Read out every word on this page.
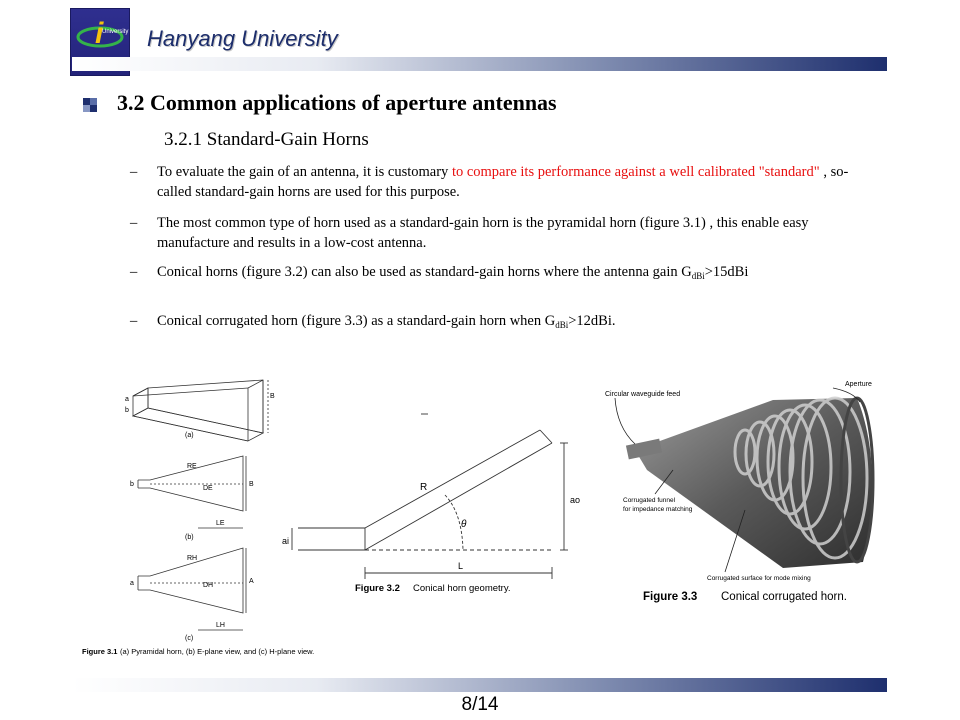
i
University Hanyang University
3.2 Common applications of aperture antennas
3.2.1 Standard-Gain Horns
– To evaluate the gain of an antenna, it is customary to compare its performance against a well calibrated "standard" , so-called standard-gain horns are used for this purpose.
– The most common type of horn used as a standard-gain horn is the pyramidal horn (figure 3.1) , this enable easy manufacture and results in a low-cost antenna.
– Conical horns (figure 3.2) can also be used as standard-gain horns where the antenna gain $G_{dBi}>15dBi$
– Conical corrugated horn (figure 3.3) as a standard-gain horn when $G_{dBi}>12dBi$.
a
b
B
(a)
RE
DE
LE
b	B
(b)
RH
DH
LH
a	A
(c)
Figure 3.1 (a) Pyramidal horn, (b) E-plane view, and (c) H-plane view.
R
θ
ai
ao
L
Figure 3.2 Conical horn geometry.
Circular waveguide feed
Aperture
Corrugated funnel
for impedance matching
Corrugated surface for mode mixing
Figure 3.3 Conical corrugated horn.
8/14
